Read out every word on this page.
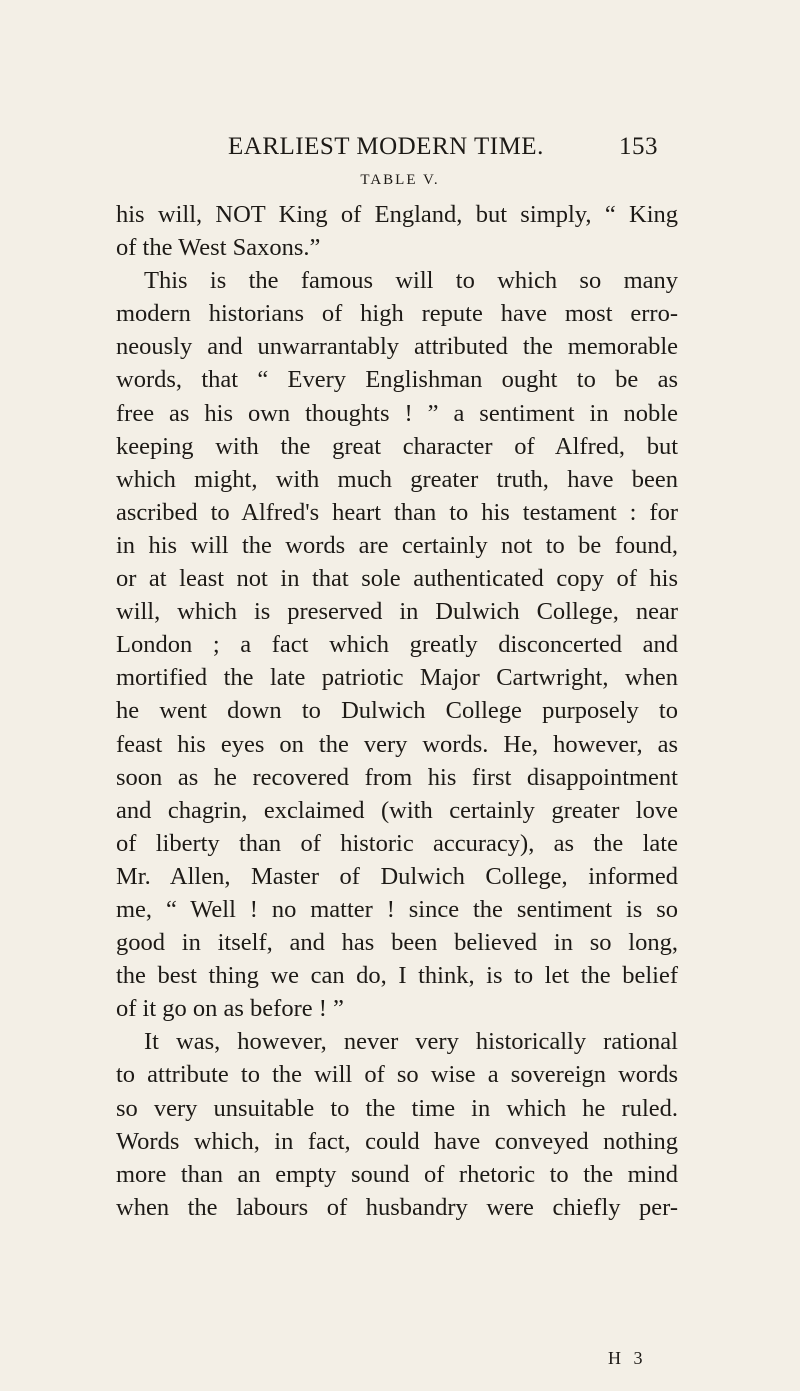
EARLIEST MODERN TIME.	153
TABLE V.
his will, NOT King of England, but simply, “ King
of the West Saxons.”
This is the famous will to which so many
modern historians of high repute have most erro-
neously and unwarrantably attributed the memorable
words, that “ Every Englishman ought to be as
free as his own thoughts ! ” a sentiment in noble
keeping with the great character of Alfred, but
which might, with much greater truth, have been
ascribed to Alfred's heart than to his testament : for
in his will the words are certainly not to be found,
or at least not in that sole authenticated copy of his
will, which is preserved in Dulwich College, near
London ; a fact which greatly disconcerted and
mortified the late patriotic Major Cartwright, when
he went down to Dulwich College purposely to
feast his eyes on the very words. He, however, as
soon as he recovered from his first disappointment
and chagrin, exclaimed (with certainly greater love
of liberty than of historic accuracy), as the late
Mr. Allen, Master of Dulwich College, informed
me, “ Well ! no matter ! since the sentiment is so
good in itself, and has been believed in so long,
the best thing we can do, I think, is to let the belief
of it go on as before ! ”
It was, however, never very historically rational
to attribute to the will of so wise a sovereign words
so very unsuitable to the time in which he ruled.
Words which, in fact, could have conveyed nothing
more than an empty sound of rhetoric to the mind
when the labours of husbandry were chiefly per-
H 3
